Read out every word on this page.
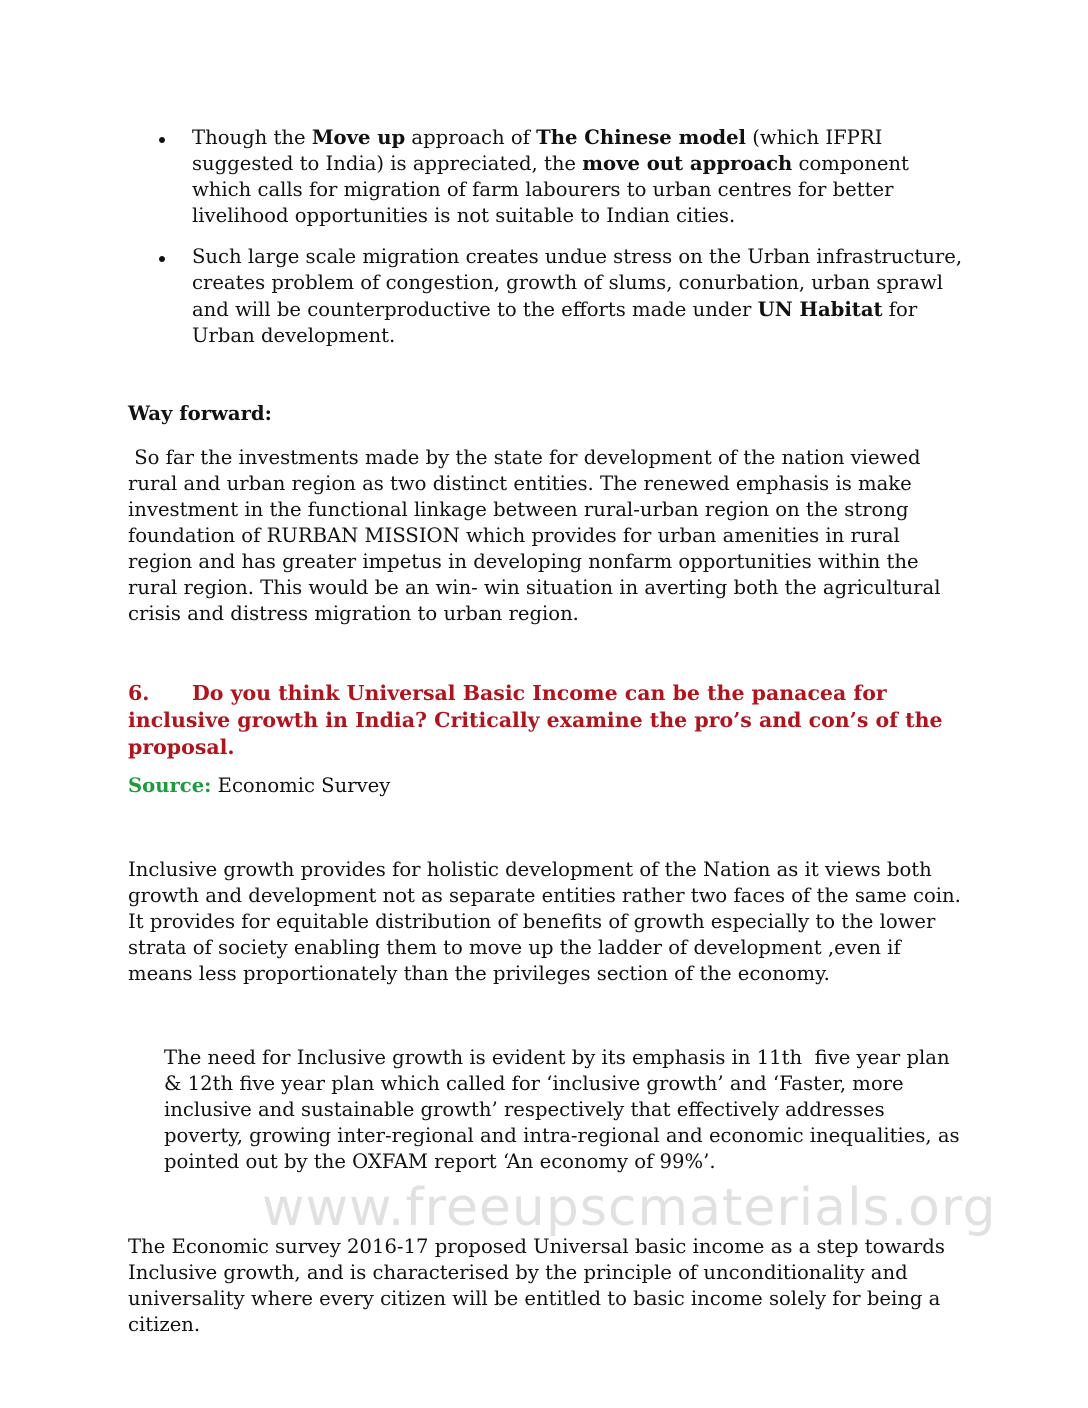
Though the Move up approach of The Chinese model (which IFPRI suggested to India) is appreciated, the move out approach component which calls for migration of farm labourers to urban centres for better livelihood opportunities is not suitable to Indian cities.
Such large scale migration creates undue stress on the Urban infrastructure, creates problem of congestion, growth of slums, conurbation, urban sprawl and will be counterproductive to the efforts made under UN Habitat for Urban development.
Way forward:

So far the investments made by the state for development of the nation viewed rural and urban region as two distinct entities. The renewed emphasis is make investment in the functional linkage between rural-urban region on the strong foundation of RURBAN MISSION which provides for urban amenities in rural region and has greater impetus in developing nonfarm opportunities within the rural region. This would be an win- win situation in averting both the agricultural crisis and distress migration to urban region.

6. Do you think Universal Basic Income can be the panacea for inclusive growth in India? Critically examine the pro’s and con’s of the proposal.

Source: Economic Survey

Inclusive growth provides for holistic development of the Nation as it views both growth and development not as separate entities rather two faces of the same coin. It provides for equitable distribution of benefits of growth especially to the lower strata of society enabling them to move up the ladder of development ,even if means less proportionately than the privileges section of the economy.

The need for Inclusive growth is evident by its emphasis in 11th  five year plan & 12th five year plan which called for ‘inclusive growth’ and ‘Faster, more inclusive and sustainable growth’ respectively that effectively addresses poverty, growing inter-regional and intra-regional and economic inequalities, as pointed out by the OXFAM report ‘An economy of 99%’.

The Economic survey 2016-17 proposed Universal basic income as a step towards Inclusive growth, and is characterised by the principle of unconditionality and universality where every citizen will be entitled to basic income solely for being a citizen.

www.freeupscmaterials.org
